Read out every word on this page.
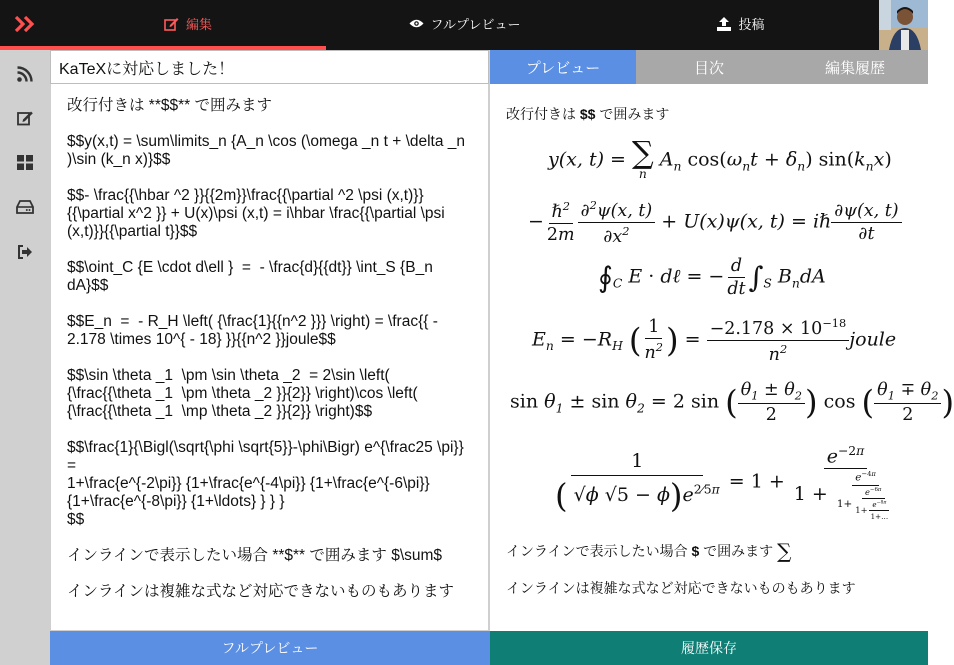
編集	フルプレビュー	投稿
KaTeXに対応しました！
改行付きは **$$** で囲みます

$$y(x,t) = \sum\limits_n {A_n \cos (\omega _n t + \delta _n )\sin (k_n x)}$$

$$- \frac{{\hbar ^2 }}{{2m}}\frac{{\partial ^2 \psi (x,t)}}{{\partial x^2 }} + U(x)\psi (x,t) = i\hbar \frac{{\partial \psi (x,t)}}{{\partial t}}$$

$$\oint_C {E \cdot d\ell }  =  - \frac{d}{{dt}} \int_S {B_n dA}$$

$$E_n  =  - R_H \left( {\frac{1}{{n^2 }}} \right) = \frac{{ - 2.178 \times 10^{ - 18} }}{{n^2 }}joule$$

$$\sin \theta _1  \pm \sin \theta _2  = 2\sin \left( {\frac{{\theta _1  \pm \theta _2 }}{2}} \right)\cos \left( {\frac{{\theta _1  \mp \theta _2 }}{2}} \right)$$

$$\frac{1}{\Bigl(\sqrt{\phi \sqrt{5}}-\phi\Bigr) e^{\frac25 \pi}} =
1+\frac{e^{-2\pi}} {1+\frac{e^{-4\pi}} {1+\frac{e^{-6\pi}}
{1+\frac{e^{-8\pi}} {1+\ldots} } } }
$$

インラインで表示したい場合 **$** で囲みます $\sum$

インラインは複雑な式など対応できないものもあります
プレビュー	目次	編集履歴
改行付きは $$ で囲みます
y(x, t) = ∑
n
$A_n$ $\cos(\omega_nt + \delta_n)$ $\sin(k_nx)$
− $\frac{\hbar^2}{2m} \frac{\partial^2\psi(x, t)}{\partial x^2} + U(x)\psi(x$, t) = iℏ $\frac{\partial\psi(x, t)}{\partial t}$
$∮_C$ E · dℓ = − $\frac{d}{dt} \int_S$ $B_ndA$
$E_n = -R_H$ ( $\frac{1}{n^2}$ ) = $\frac{-2.178 \times 10^{-18}}{n^2}$ joule
$\sin \theta_1 \pm \sin \theta_2 = 2$ sin ( $\frac{\theta_1 \pm \theta_2}{2}$ ) cos ( $\frac{\theta_1 \mp \theta_2}{2}$ )
$\frac{1}{( √\phi √5 - \phi)e^{2⁄5\pi}} = 1 + \frac{e^{-2\pi}}{1 + \frac{e^{-4\pi}}{1+ \frac{e^{-6\pi}}{1+ \frac{e^{-8\pi}}{1+\dots}}}}$
インラインで表示したい場合 $ で囲みます ∑
インラインは複雑な式など対応できないものもあります
フルプレビュー	履歴保存
